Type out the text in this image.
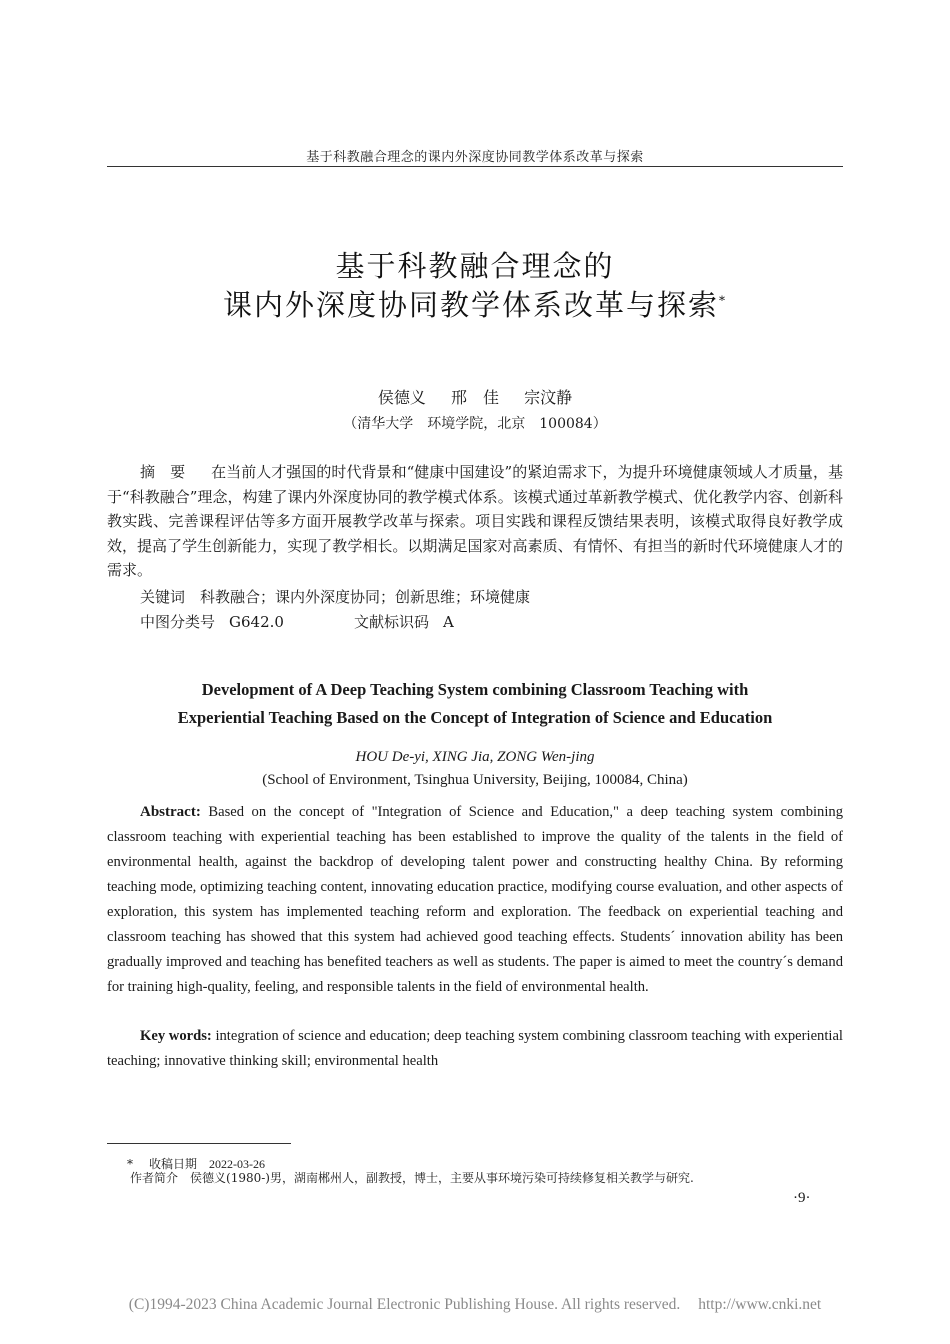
基于科教融合理念的课内外深度协同教学体系改革与探索
基于科教融合理念的
课内外深度协同教学体系改革与探索*
侯德义 邢　佳 宗汶静
（清华大学　环境学院，北京　100084）
摘　要 在当前人才强国的时代背景和“健康中国建设”的紧迫需求下，为提升环境健康领域人才质量，基于“科教融合”理念，构建了课内外深度协同的教学模式体系。该模式通过革新教学模式、优化教学内容、创新科教实践、完善课程评估等多方面开展教学改革与探索。项目实践和课程反馈结果表明，该模式取得良好教学成效，提高了学生创新能力，实现了教学相长。以期满足国家对高素质、有情怀、有担当的新时代环境健康人才的需求。
关键词　 科教融合；课内外深度协同；创新思维；环境健康
中图分类号 G642.0	文献标识码 A
Development of A Deep Teaching System combining Classroom Teaching with
Experiential Teaching Based on the Concept of Integration of Science and Education
HOU De-yi, XING Jia, ZONG Wen-jing
(School of Environment, Tsinghua University, Beijing, 100084, China)
Abstract: Based on the concept of "Integration of Science and Education," a deep teaching system combining classroom teaching with experiential teaching has been established to improve the quality of the talents in the field of environmental health, against the backdrop of developing talent power and constructing healthy China. By reforming teaching mode, optimizing teaching content, innovating education practice, modifying course evaluation, and other aspects of exploration, this system has implemented teaching reform and exploration. The feedback on experiential teaching and classroom teaching has showed that this system had achieved good teaching effects. Students´ innovation ability has been gradually improved and teaching has benefited teachers as well as students. The paper is aimed to meet the country´s demand for training high-quality, feeling, and responsible talents in the field of environmental health.
Key words: integration of science and education; deep teaching system combining classroom teaching with experiential teaching; innovative thinking skill; environmental health
* 收稿日期 2022-03-26
作者简介 侯德义(1980-)男，湖南郴州人，副教授，博士，主要从事环境污染可持续修复相关教学与研究.
·9·
(C)1994-2023 China Academic Journal Electronic Publishing House. All rights reserved. http://www.cnki.net
